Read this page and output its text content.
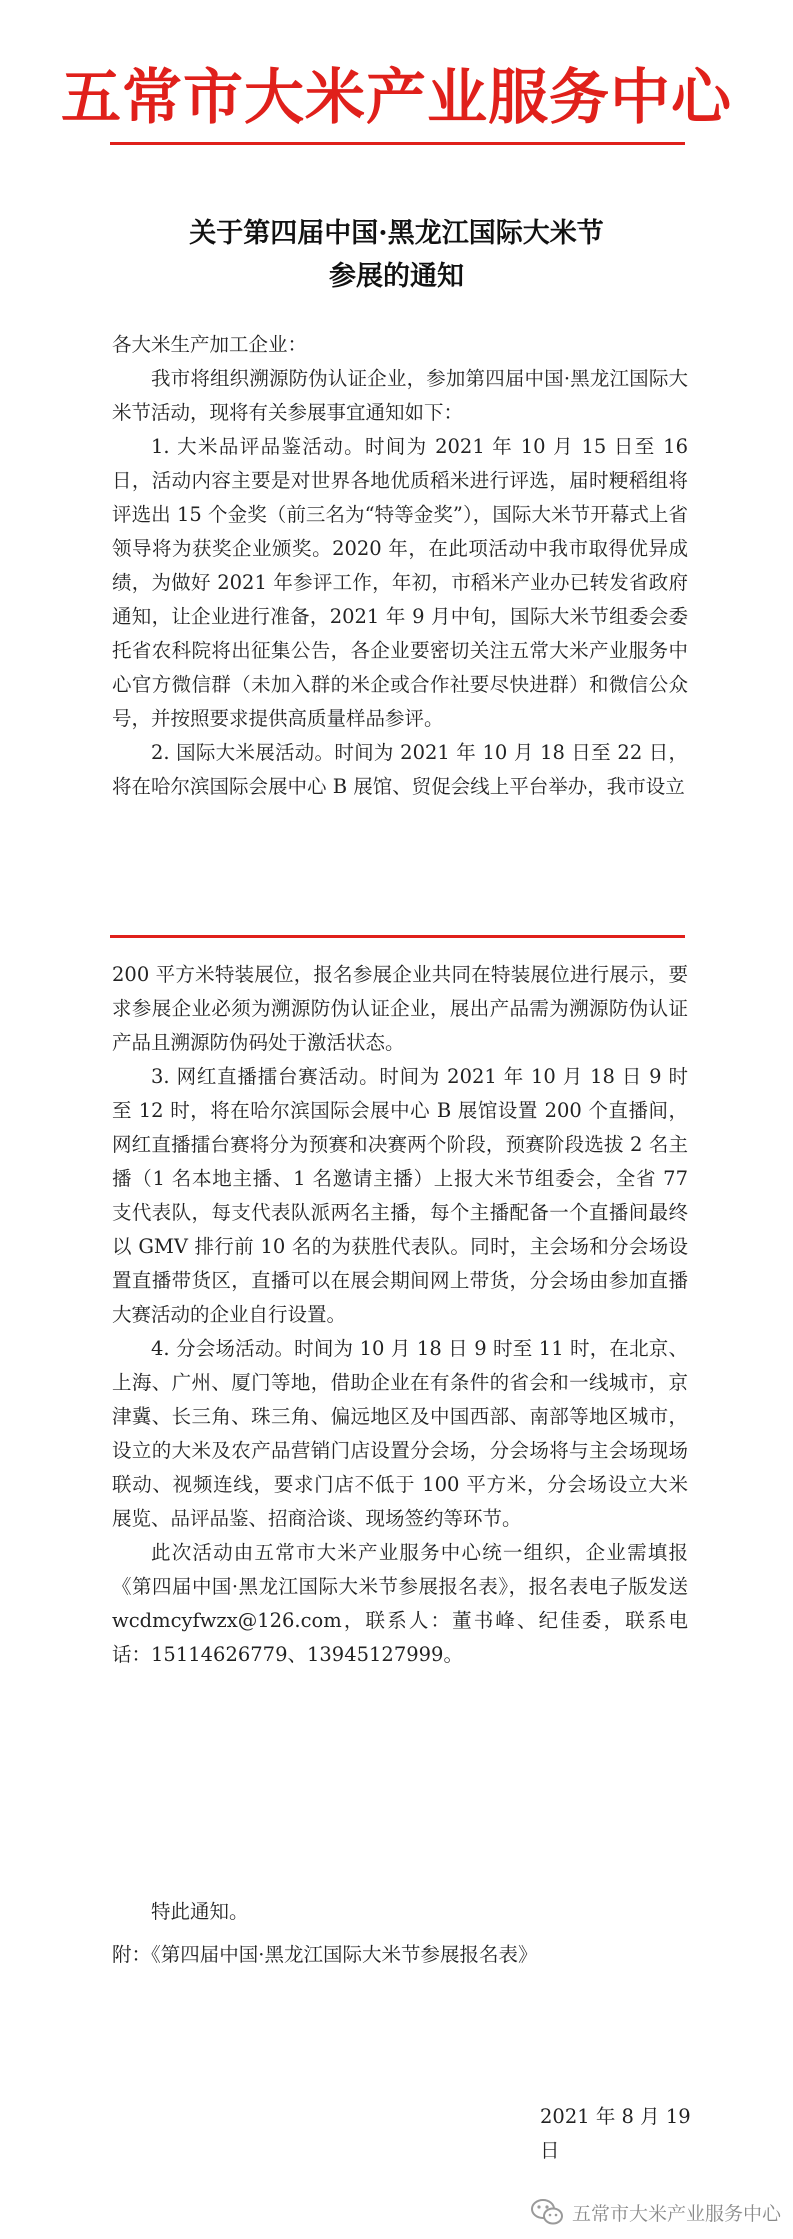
五常市大米产业服务中心
关于第四届中国·黑龙江国际大米节
参展的通知

各大米生产加工企业：

我市将组织溯源防伪认证企业，参加第四届中国·黑龙江国际大米节活动，现将有关参展事宜通知如下：

1. 大米品评品鉴活动。时间为 2021 年 10 月 15 日至 16 日，活动内容主要是对世界各地优质稻米进行评选，届时粳稻组将评选出 15 个金奖（前三名为“特等金奖”），国际大米节开幕式上省领导将为获奖企业颁奖。2020 年，在此项活动中我市取得优异成绩，为做好 2021 年参评工作，年初，市稻米产业办已转发省政府通知，让企业进行准备，2021 年 9 月中旬，国际大米节组委会委托省农科院将出征集公告，各企业要密切关注五常大米产业服务中心官方微信群（未加入群的米企或合作社要尽快进群）和微信公众号，并按照要求提供高质量样品参评。

2. 国际大米展活动。时间为 2021 年 10 月 18 日至 22 日，将在哈尔滨国际会展中心 B 展馆、贸促会线上平台举办，我市设立

200 平方米特装展位，报名参展企业共同在特装展位进行展示，要求参展企业必须为溯源防伪认证企业，展出产品需为溯源防伪认证产品且溯源防伪码处于激活状态。

3. 网红直播擂台赛活动。时间为 2021 年 10 月 18 日 9 时至 12 时，将在哈尔滨国际会展中心 B 展馆设置 200 个直播间，网红直播擂台赛将分为预赛和决赛两个阶段，预赛阶段选拔 2 名主播（1 名本地主播、1 名邀请主播）上报大米节组委会，全省 77 支代表队，每支代表队派两名主播，每个主播配备一个直播间最终以 GMV 排行前 10 名的为获胜代表队。同时，主会场和分会场设置直播带货区，直播可以在展会期间网上带货，分会场由参加直播大赛活动的企业自行设置。

4. 分会场活动。时间为 10 月 18 日 9 时至 11 时，在北京、上海、广州、厦门等地，借助企业在有条件的省会和一线城市，京津冀、长三角、珠三角、偏远地区及中国西部、南部等地区城市，设立的大米及农产品营销门店设置分会场，分会场将与主会场现场联动、视频连线，要求门店不低于 100 平方米，分会场设立大米展览、品评品鉴、招商洽谈、现场签约等环节。

此次活动由五常市大米产业服务中心统一组织，企业需填报《第四届中国·黑龙江国际大米节参展报名表》，报名表电子版发送 wcdmcyfwzx@126.com，联系人：董书峰、纪佳委，联系电话：15114626779、13945127999。

特此通知。
附：《第四届中国·黑龙江国际大米节参展报名表》
2021 年 8 月 19 日
五常市大米产业服务中心
